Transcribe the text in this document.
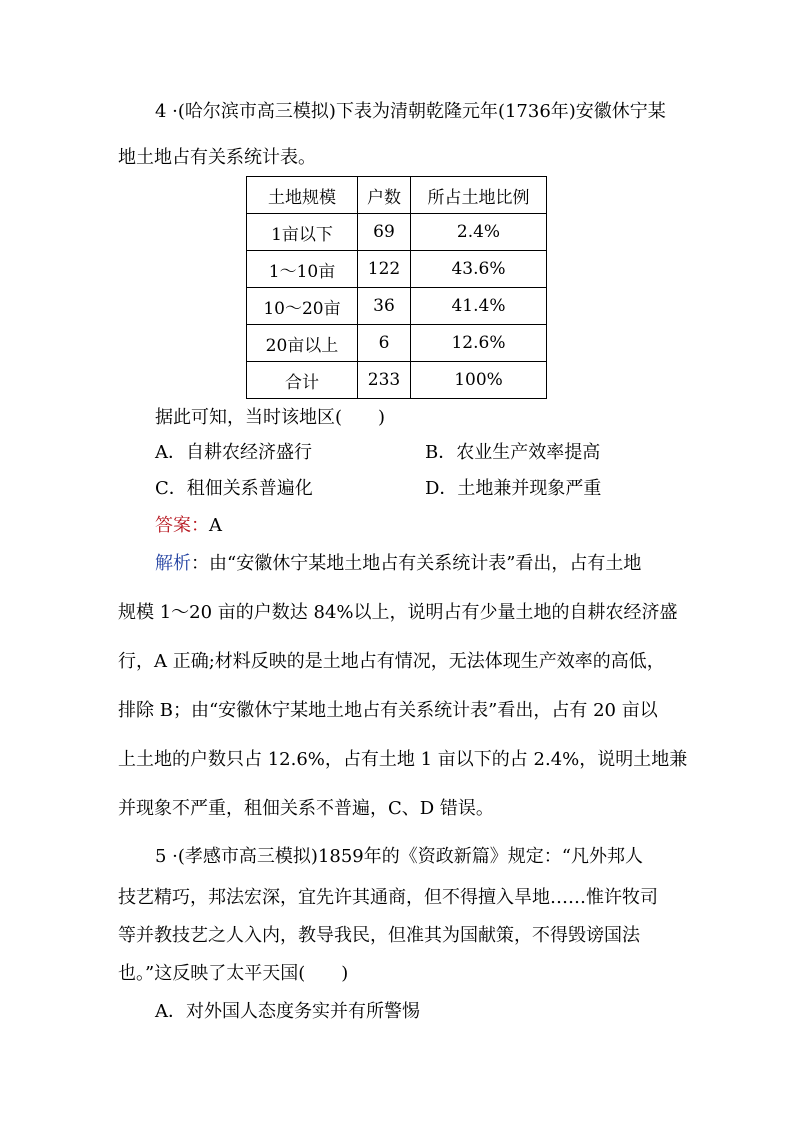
4 ·(哈尔滨市高三模拟)下表为清朝乾隆元年(1736年)安徽休宁某
地土地占有关系统计表。
土地规模	户数	所占土地比例
1亩以下	69	2.4%
1～10亩	122	43.6%
10～20亩	36	41.4%
20亩以上	6	12.6%
合计	233	100%
据此可知，当时该地区(　　)
A．自耕农经济盛行	B．农业生产效率提高
C．租佃关系普遍化	D．土地兼并现象严重
答案：A
解析：由“安徽休宁某地土地占有关系统计表”看出，占有土地
规模 1～20 亩的户数达 84%以上，说明占有少量土地的自耕农经济盛
行，A 正确;材料反映的是土地占有情况，无法体现生产效率的高低，
排除 B；由“安徽休宁某地土地占有关系统计表”看出，占有 20 亩以
上土地的户数只占 12.6%，占有土地 1 亩以下的占 2.4%，说明土地兼
并现象不严重，租佃关系不普遍，C、D 错误。
5 ·(孝感市高三模拟)1859年的《资政新篇》规定：“凡外邦人
技艺精巧，邦法宏深，宜先许其通商，但不得擅入旱地……惟许牧司
等并教技艺之人入内，教导我民，但准其为国献策，不得毁谤国法
也。”这反映了太平天国(　　)
A．对外国人态度务实并有所警惕
